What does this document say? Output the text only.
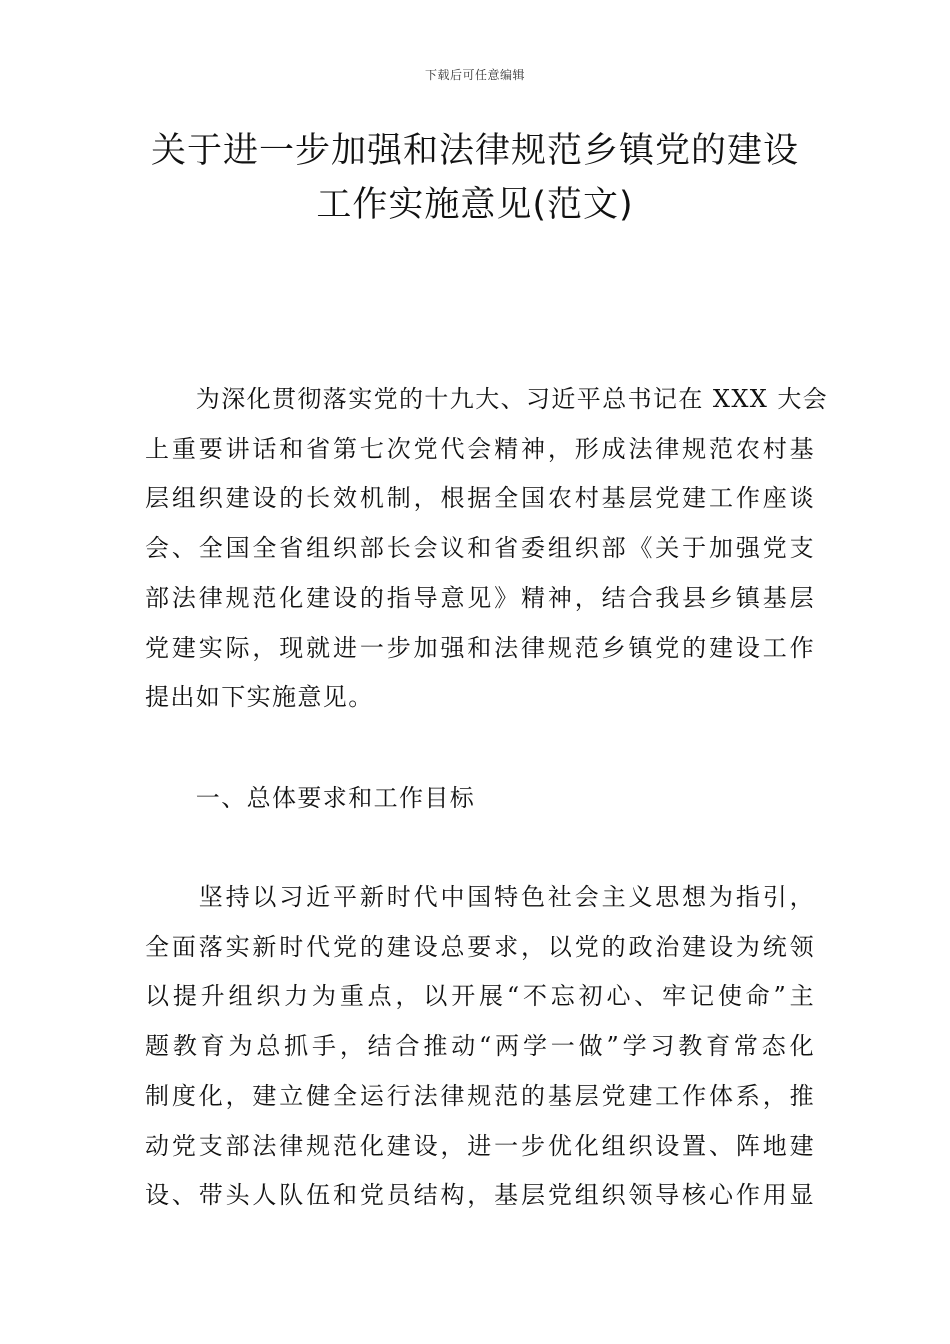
下载后可任意编辑
关于进一步加强和法律规范乡镇党的建设
工作实施意见(范文)
　　为深化贯彻落实党的十九大、习近平总书记在 XXX 大会
上重要讲话和省第七次党代会精神，形成法律规范农村基
层组织建设的长效机制，根据全国农村基层党建工作座谈
会、全国全省组织部长会议和省委组织部《关于加强党支
部法律规范化建设的指导意见》精神，结合我县乡镇基层
党建实际，现就进一步加强和法律规范乡镇党的建设工作
提出如下实施意见。
　　一、总体要求和工作目标
　　坚持以习近平新时代中国特色社会主义思想为指引，
全面落实新时代党的建设总要求，以党的政治建设为统领
以提升组织力为重点，以开展“不忘初心、牢记使命”主
题教育为总抓手，结合推动“两学一做”学习教育常态化
制度化，建立健全运行法律规范的基层党建工作体系，推
动党支部法律规范化建设，进一步优化组织设置、阵地建
设、带头人队伍和党员结构，基层党组织领导核心作用显
